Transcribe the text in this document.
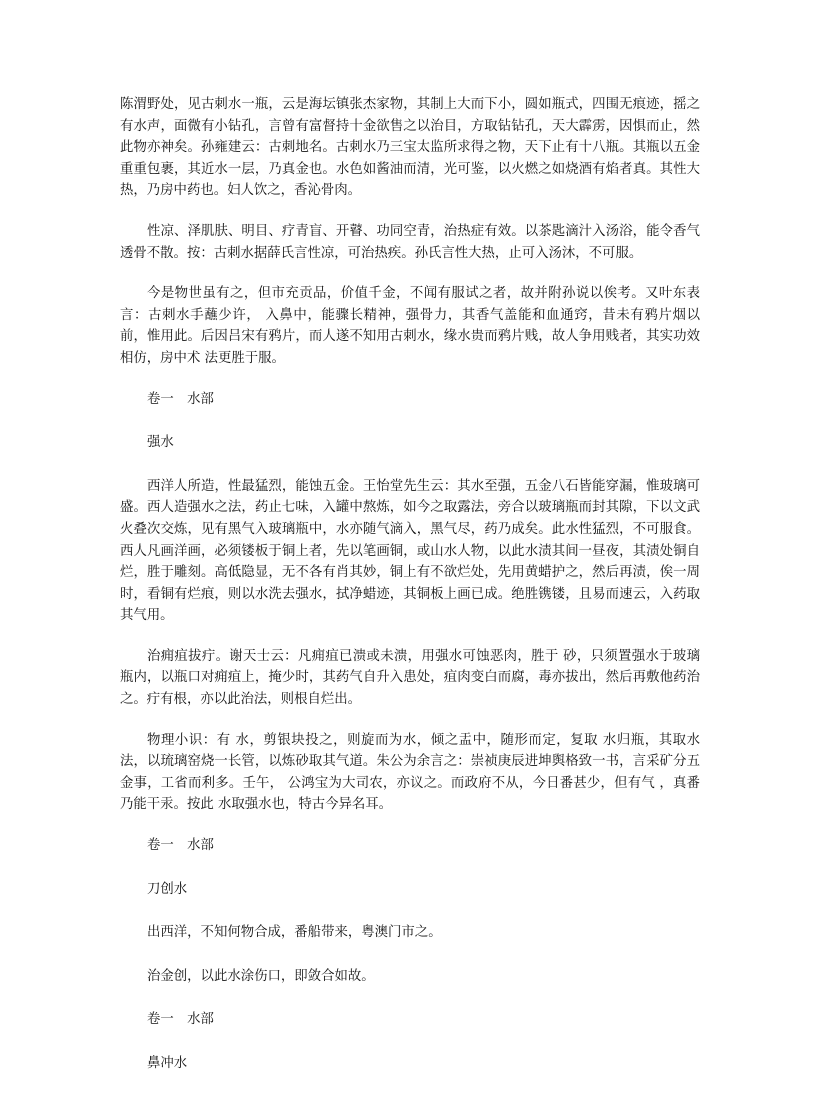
陈渭野处，见古刺水一瓶，云是海坛镇张杰家物，其制上大而下小，圆如瓶式，四围无痕迹，摇之有水声，面微有小钻孔，言曾有富督持十金欲售之以治目，方取钻钻孔，天大霹雳，因惧而止，然此物亦神矣。孙雍建云：古刺地名。古刺水乃三宝太监所求得之物，天下止有十八瓶。其瓶以五金重重包裹，其近水一层，乃真金也。水色如酱油而清，光可鉴，以火燃之如烧酒有焰者真。其性大热，乃房中药也。妇人饮之，香沁骨肉。

性凉、泽肌肤、明目、疗青盲、开瞽、功同空青，治热症有效。以茶匙滴汁入汤浴，能令香气透骨不散。按：古刺水据薛氏言性凉，可治热疾。孙氏言性大热，止可入汤沐，不可服。

今是物世虽有之，但市充贡品，价值千金，不闻有服试之者，故并附孙说以俟考。又叶东表言：古刺水手蘸少许， 入鼻中，能骤长精神，强骨力，其香气盖能和血通窍，昔未有鸦片烟以前，惟用此。后因吕宋有鸦片，而人遂不知用古刺水，缘水贵而鸦片贱，故人争用贱者，其实功效相仿，房中术 法更胜于服。

卷一　水部

强水

西洋人所造，性最猛烈，能蚀五金。王怡堂先生云：其水至强，五金八石皆能穿漏，惟玻璃可盛。西人造强水之法，药止七味，入罐中熬炼，如今之取露法，旁合以玻璃瓶而封其隙，下以文武火叠次交炼，见有黑气入玻璃瓶中，水亦随气滴入，黑气尽，药乃成矣。此水性猛烈，不可服食。西人凡画洋画，必须镂板于铜上者，先以笔画铜，或山水人物，以此水渍其间一昼夜，其渍处铜自烂，胜于雕刻。高低隐显，无不各有肖其妙，铜上有不欲烂处，先用黄蜡护之，然后再渍，俟一周时，看铜有烂痕，则以水洗去强水，拭净蜡迹，其铜板上画已成。绝胜镌镂，且易而速云，入药取其气用。

治痈疽拔疔。谢天士云：凡痈疽已溃或未溃，用强水可蚀恶肉，胜于 砂，只须置强水于玻璃瓶内，以瓶口对痈疽上，掩少时，其药气自升入患处，疽肉变白而腐，毒亦拔出，然后再敷他药治之。疔有根，亦以此治法，则根自烂出。

物理小识：有 水，剪银块投之，则旋而为水，倾之盂中，随形而定，复取 水归瓶，其取水法，以琉璃窑烧一长管，以炼砂取其气道。朱公为余言之：崇祯庚辰进坤舆格致一书，言采矿分五金事，工省而利多。壬午， 公鸿宝为大司农，亦议之。而政府不从，今日番甚少，但有气 ，真番 乃能干汞。按此 水取强水也，特古今异名耳。

卷一　水部

刀创水

出西洋，不知何物合成，番船带来，粤澳门市之。

治金创，以此水涂伤口，即敛合如故。

卷一　水部

鼻冲水
